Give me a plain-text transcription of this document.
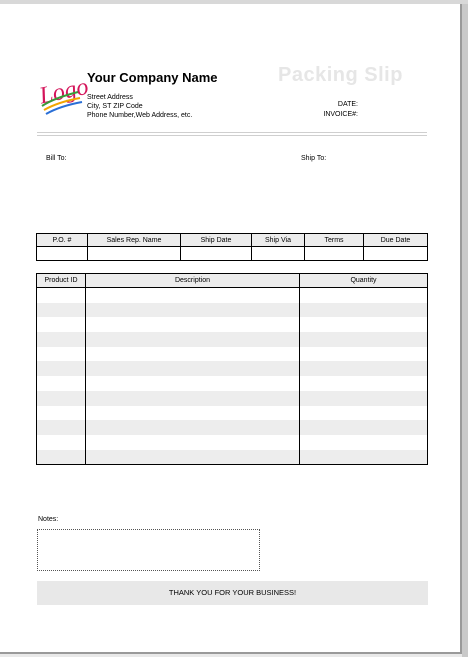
Logo
Your Company Name	Packing Slip
Street Address
City, ST ZIP Code
Phone Number,Web Address, etc.
DATE:
INVOICE#:
Bill To:	Ship To:
P.O. #	Sales Rep. Name	Ship Date	Ship Via	Terms	Due Date

Product ID	Description	Quantity

Notes:
THANK YOU FOR YOUR BUSINESS!
